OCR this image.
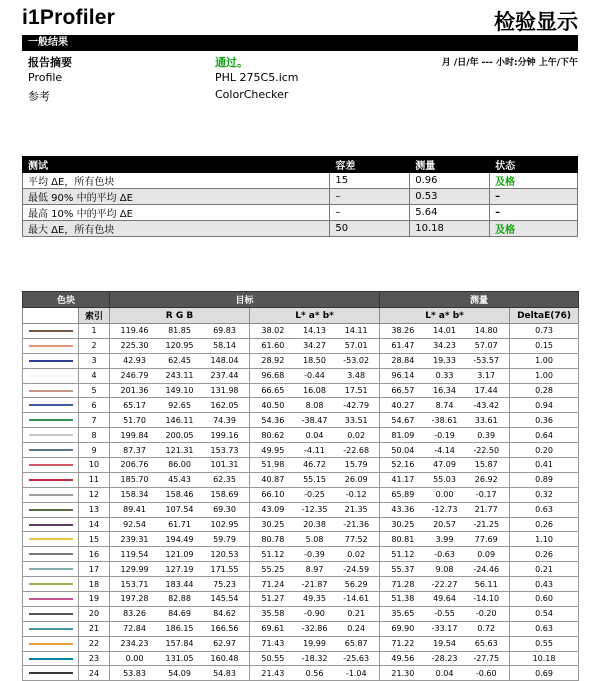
i1Profiler	检验显示
一般结果
报告摘要	通过。	月 /日/年 --- 小时:分钟 上午/下午
Profile	PHL 275C5.icm
参考	ColorChecker
测试	容差	测量	状态
平均 ΔE，所有色块	15	0.96	及格
最低 90% 中的平均 ΔE	–	0.53	–
最高 10% 中的平均 ΔE	–	5.64	–
最大 ΔE，所有色块	50	10.18	及格
色块		目标		测量	
	索引	R G B	L* a* b*	L* a* b*	DeltaE(76)

	1	119.46 81.85 69.83	38.02 14.13 14.11	38.26 14.01 14.80	0.73

	2	225.30 120.95 58.14	61.60 34.27 57.01	61.47 34.23 57.07	0.15

	3	42.93 62.45 148.04	28.92 18.50 -53.02	28.84 19.33 -53.57	1.00

	4	246.79 243.11 237.44	96.68 -0.44 3.48	96.14 0.33 3.17	1.00

	5	201.36 149.10 131.98	66.65 16.08 17.51	66.57 16.34 17.44	0.28

	6	65.17 92.65 162.05	40.50 8.08 -42.79	40.27 8.74 -43.42	0.94

	7	51.70 146.11 74.39	54.36 -38.47 33.51	54.67 -38.61 33.61	0.36

	8	199.84 200.05 199.16	80.62 0.04 0.02	81.09 -0.19 0.39	0.64

	9	87.37 121.31 153.73	49.95 -4.11 -22.68	50.04 -4.14 -22.50	0.20

	10	206.76 86.00 101.31	51.98 46.72 15.79	52.16 47.09 15.87	0.41

	11	185.70 45.43 62.35	40.87 55.15 26.09	41.17 55.03 26.92	0.89

	12	158.34 158.46 158.69	66.10 -0.25 -0.12	65.89 0.00 -0.17	0.32

	13	89.41 107.54 69.30	43.09 -12.35 21.35	43.36 -12.73 21.77	0.63

	14	92.54 61.71 102.95	30.25 20.38 -21.36	30.25 20.57 -21.25	0.26

	15	239.31 194.49 59.79	80.78 5.08 77.52	80.81 3.99 77.69	1.10

	16	119.54 121.09 120.53	51.12 -0.39 0.02	51.12 -0.63 0.09	0.26

	17	129.99 127.19 171.55	55.25 8.97 -24.59	55.37 9.08 -24.46	0.21

	18	153.71 183.44 75.23	71.24 -21.87 56.29	71.28 -22.27 56.11	0.43

	19	197.28 82.88 145.54	51.27 49.35 -14.61	51.38 49.64 -14.10	0.60

	20	83.26 84.69 84.62	35.58 -0.90 0.21	35.65 -0.55 -0.20	0.54

	21	72.84 186.15 166.56	69.61 -32.86 0.24	69.90 -33.17 0.72	0.63

	22	234.23 157.84 62.97	71.43 19.99 65.87	71.22 19.54 65.63	0.55

	23	0.00 131.05 160.48	50.55 -18.32 -25.63	49.56 -28.23 -27.75	10.18

	24	53.83 54.09 54.83	21.43 0.56 -1.04	21.30 0.04 -0.60	0.69
